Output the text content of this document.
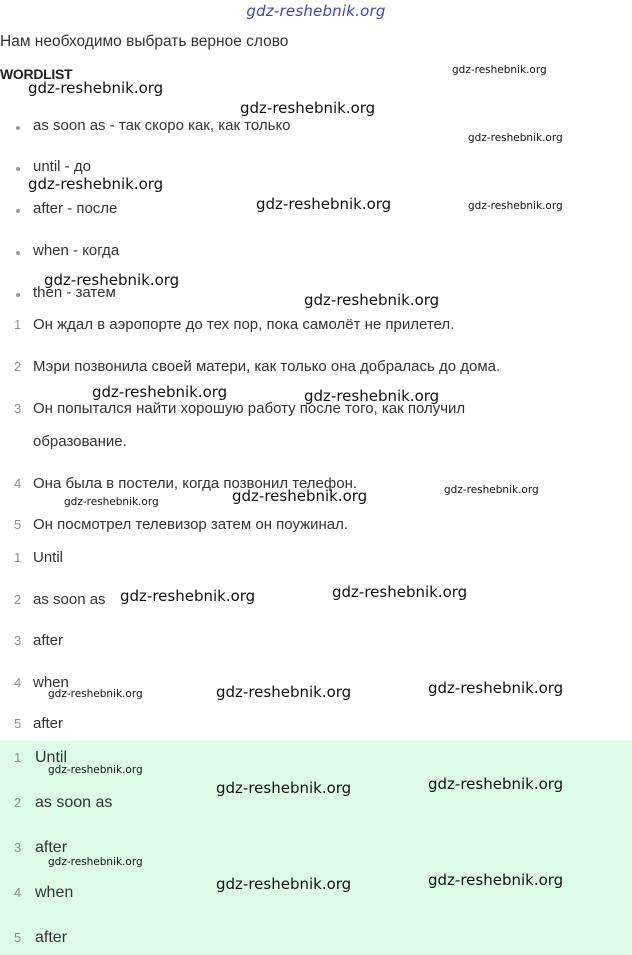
gdz-reshebnik.org
Нам необходимо выбрать верное слово
WORDLIST
as soon as - так скоро как, как только
until - до
after - после
when - когда
then - затем
1 Он ждал в аэропорте до тех пор, пока самолёт не прилетел.
2 Мэри позвонила своей матери, как только она добралась до дома.
3 Он попытался найти хорошую работу после того, как получил
образование.
4 Она была в постели, когда позвонил телефон.
5 Он посмотрел телевизор затем он поужинал.
1 Until
2 as soon as
3 after
4 when
5 after
1 Until
2 as soon as
3 after
4 when
5 after
gdz-reshebnik.org
gdz-reshebnik.org
gdz-reshebnik.org
gdz-reshebnik.org
gdz-reshebnik.org
gdz-reshebnik.org	gdz-reshebnik.org
gdz-reshebnik.org
gdz-reshebnik.org
gdz-reshebnik.org	gdz-reshebnik.org
gdz-reshebnik.org
gdz-reshebnik.org
gdz-reshebnik.org
gdz-reshebnik.org
gdz-reshebnik.org
gdz-reshebnik.org
gdz-reshebnik.org	gdz-reshebnik.org
gdz-reshebnik.org
gdz-reshebnik.org
gdz-reshebnik.org
gdz-reshebnik.org
gdz-reshebnik.org
gdz-reshebnik.org
